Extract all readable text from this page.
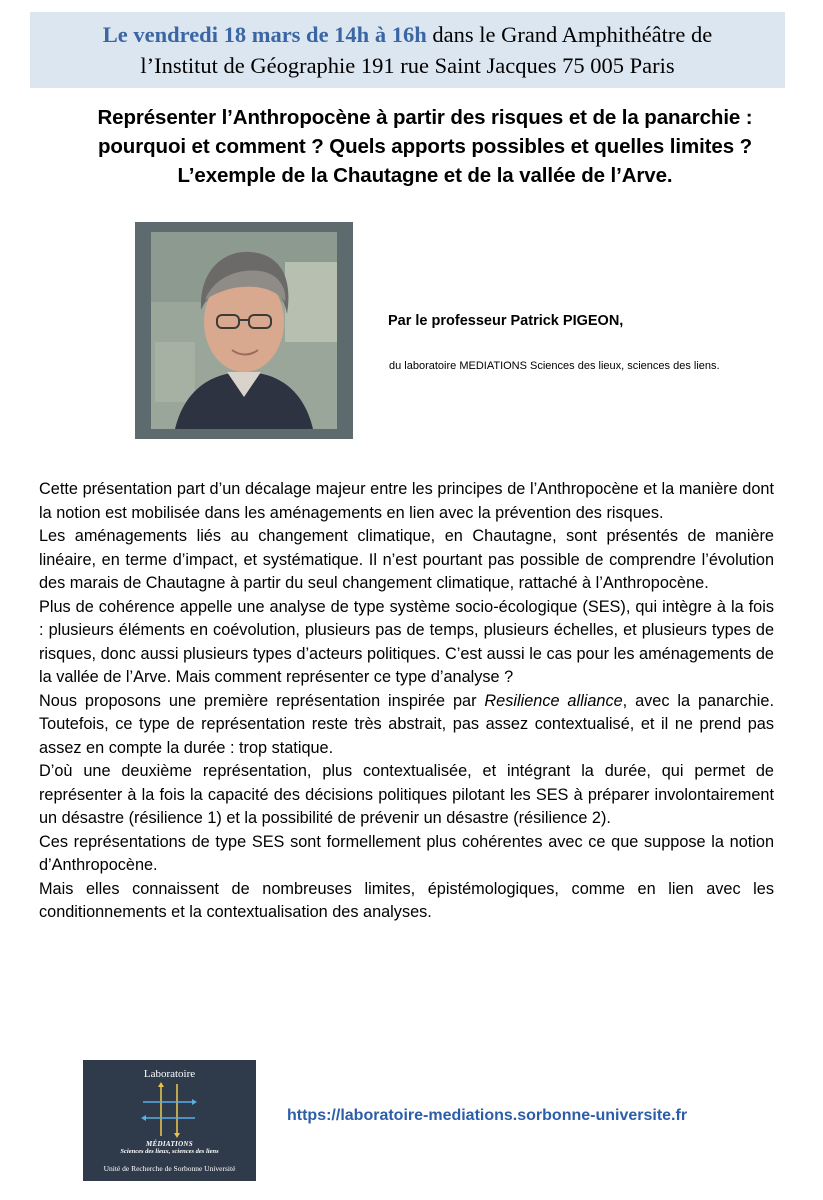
Le vendredi 18 mars de 14h à 16h dans le Grand Amphithéâtre de
l’Institut de Géographie 191 rue Saint Jacques 75 005 Paris
Représenter l’Anthropocène à partir des risques et de la panarchie :
pourquoi et comment ? Quels apports possibles et quelles limites ?
L’exemple de la Chautagne et de la vallée de l’Arve.
Par le professeur Patrick PIGEON,
du laboratoire MEDIATIONS Sciences des lieux, sciences des liens.

Cette présentation part d’un décalage majeur entre les principes de l’Anthropocène et la manière dont la notion est mobilisée dans les aménagements en lien avec la prévention des risques.

Les aménagements liés au changement climatique, en Chautagne, sont présentés de manière linéaire, en terme d’impact, et systématique. Il n’est pourtant pas possible de comprendre l’évolution des marais de Chautagne à partir du seul changement climatique, rattaché à l’Anthropocène.

Plus de cohérence appelle une analyse de type système socio-écologique (SES), qui intègre à la fois : plusieurs éléments en coévolution, plusieurs pas de temps, plusieurs échelles, et plusieurs types de risques, donc aussi plusieurs types d’acteurs politiques. C’est aussi le cas pour les aménagements de la vallée de l’Arve. Mais comment représenter ce type d’analyse ?

Nous proposons une première représentation inspirée par Resilience alliance, avec la panarchie. Toutefois, ce type de représentation reste très abstrait, pas assez contextualisé, et il ne prend pas assez en compte la durée : trop statique.

D’où une deuxième représentation, plus contextualisée, et intégrant la durée, qui permet de représenter à la fois la capacité des décisions politiques pilotant les SES à préparer involontairement un désastre (résilience 1) et la possibilité de prévenir un désastre (résilience 2).

Ces représentations de type SES sont formellement plus cohérentes avec ce que suppose la notion d’Anthropocène.

Mais elles connaissent de nombreuses limites, épistémologiques, comme en lien avec les conditionnements et la contextualisation des analyses.

Laboratoire
MÉDIATIONS
Sciences des lieux, sciences des liens
Unité de Recherche de Sorbonne Université
https://laboratoire-mediations.sorbonne-universite.fr
